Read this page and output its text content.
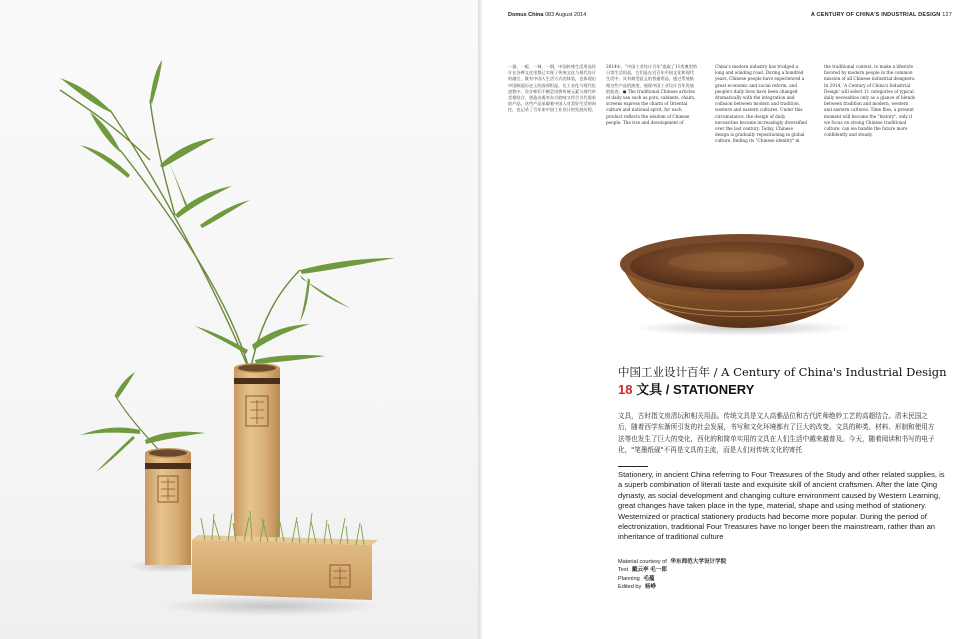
Domus China 083 August 2014	A CENTURY OF CHINA'S INDUSTRIAL DESIGN 127
一器、一板、一椅、一锅，中国传统生活用品设计在各种文化里都已实现了传统文化与现代设计的融合，既有中国人生活方式的体验，也体现出中国制造历史上的深厚积淀。在工业化与现代化进程中，设计师们不断尝试将传统元素与现代审美相结合，创造出既有东方韵味又符合当代需求的产品。这些产品承载着中国人对美好生活的向往，也记录了百年来中国工业设计的发展历程。
2014年，"中国工业设计百年"选取了11类典型的日常生活用品，它们是在近百年中国文化和现代生活中，具有典型意义的普通用品，通过系统梳理这些产品的演变，展现中国工业设计百年发展的轨迹。● The traditional Chinese articles of daily use such as pots, cabinets, chairs, screens express the charm of Oriental culture and national spirit, for each product reflects the wisdom of Chinese people. The rise and development of
China's modern industry has trudged a long and winding road. During a hundred years, Chinese people have experienced a great economic and social reform, and people's daily lives have been changed dramatically with the integration and collision between modern and tradition, western and eastern cultures. Under this circumstance, the design of daily necessities became increasingly diversified over the last century. Today, Chinese design is gradually repositioning in global culture, finding its "Chinese identity" in
the traditional context, to make a lifestyle favored by modern people in the common mission of all Chinese industrial designers. In 2014, 'A Century of China's Industrial Design' will select 11 categories of typical daily necessities only as a glance of blends between tradition and modern, western and eastern cultures. Time flies, a present moment will become the "history", only if we focus on strong Chinese traditional culture, can we handle the future more confidently and steady.
中国工业设计百年 / A Century of China's Industrial Design
18 文具 / STATIONERY
文具，古时指文房清玩和相关用品。传统文具是文人高雅品位和古代匠师绝妙工艺的高超结合。清末民国之后，随着西学东渐所引发的社会发展，书写和文化环境都有了巨大的改变。文具的种类、材料、形制和使用方法等也发生了巨大的变化，西化的和简单实用的文具在人们生活中越来越普及。今天，随着阅读和书写的电子化，"笔墨纸砚"不再是文具的主流，而是人们对传统文化的寄托
Stationery, in ancient China referring to Four Treasures of the Study and other related supplies, is a superb combination of literati taste and exquisite skill of ancient craftsmen. After the late Qing dynasty, as social development and changing culture environment caused by Western Learning, great changes have taken place in the type, material, shape and using method of stationery. Westernized or practical stationery products had become more popular. During the period of electronization, traditional Four Treasures have no longer been the mainstream, rather than an inheritance of traditional culture
Material courtesy of 华东师范大学设计学院
Text 戴云亭 毛一郎
Planning 毛蕴
Edited by 杨峥
